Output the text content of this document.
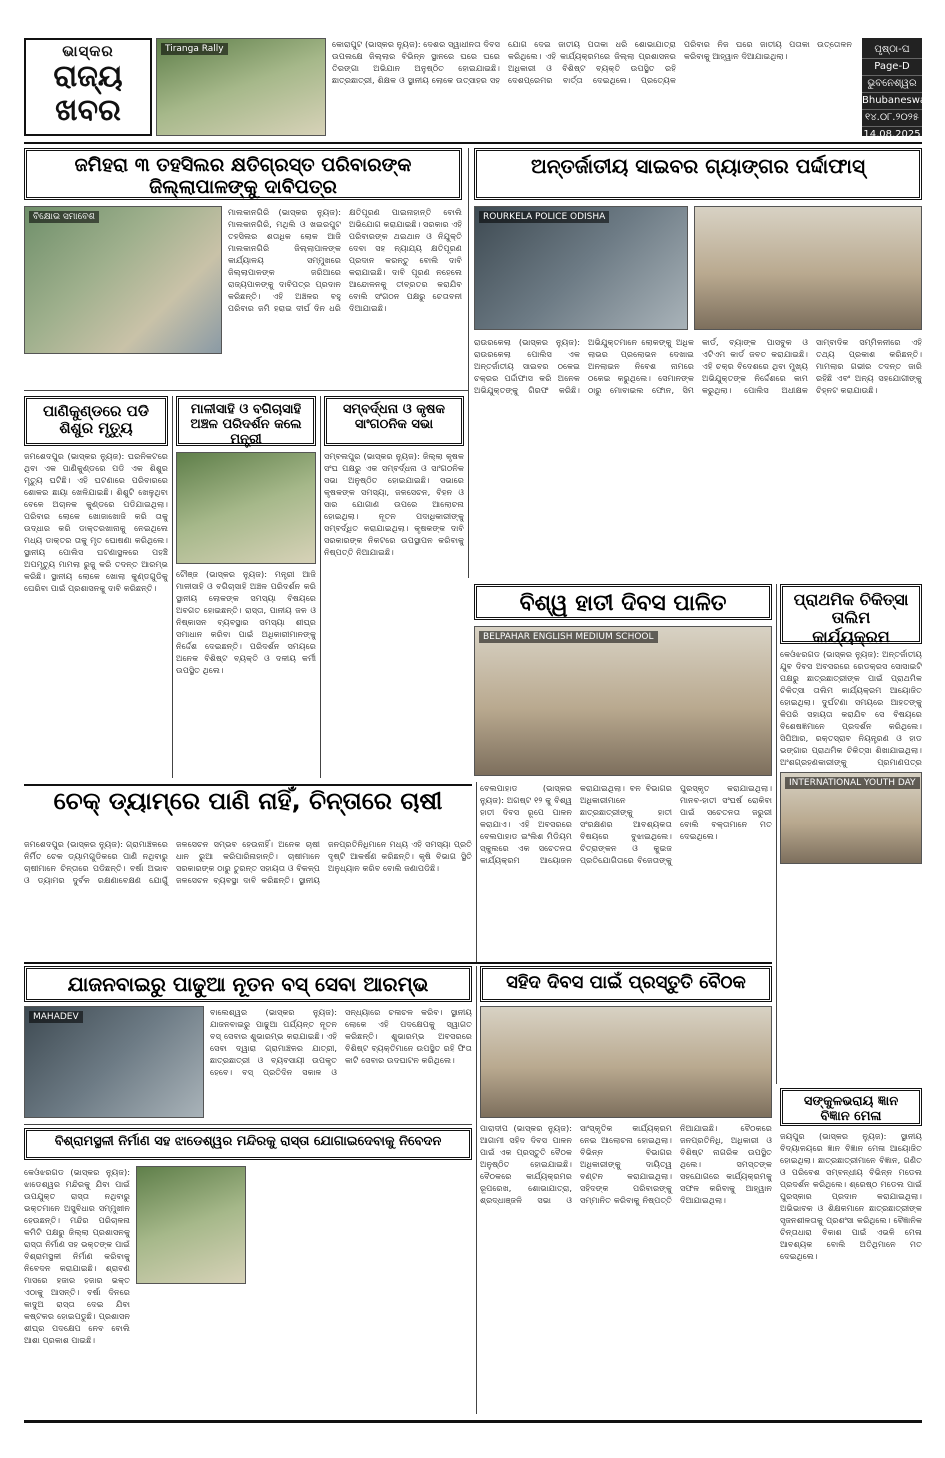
ଭାସ୍କର
ରାଜ୍ୟ
ଖବର
Tiranga Rally	କୋରାପୁଟ (ଭାସ୍କର ନ୍ୟୁଜ): ଦେଶର ସ୍ୱାଧୀନତା ଦିବସ ଉପଲକ୍ଷେ ଜିଲ୍ଲାର ବିଭିନ୍ନ ସ୍ଥାନରେ ଘରେ ଘରେ ତିରଙ୍ଗା ଅଭିଯାନ ଅନୁଷ୍ଠିତ ହୋଇଯାଇଛି। ଛାତ୍ରଛାତ୍ରୀ, ଶିକ୍ଷକ ଓ ସ୍ଥାନୀୟ ଲୋକେ ଉତ୍ସାହର ସହ ଯୋଗ ଦେଇ ଜାତୀୟ ପତାକା ଧରି ଶୋଭାଯାତ୍ରା କରିଥିଲେ। ଏହି କାର୍ଯ୍ୟକ୍ରମରେ ଜିଲ୍ଲା ପ୍ରଶାସନର ଅଧିକାରୀ ଓ ବିଶିଷ୍ଟ ବ୍ୟକ୍ତି ଉପସ୍ଥିତ ରହି ଦେଶପ୍ରେମର ବାର୍ତ୍ତା ଦେଇଥିଲେ। ପ୍ରତ୍ୟେକ ପରିବାର ନିଜ ଘରେ ଜାତୀୟ ପତାକା ଉତ୍ତୋଳନ କରିବାକୁ ଆହ୍ୱାନ ଦିଆଯାଇଥିଲା।
ପୃଷ୍ଠା-ଘ
Page-D
ଭୁବନେଶ୍ୱର
Bhubaneswar
୧୪.୦୮.୨୦୨୫
14.08.2025
ଜମିହରା ୩ ତହସିଲର କ୍ଷତିଗ୍ରସ୍ତ ପରିବାରଙ୍କ ଜିଲ୍ଲାପାଳଙ୍କୁ ଦାବିପତ୍ର
ବିକ୍ଷୋଭ ସମାବେଶ	ମାଲକାନଗିରି (ଭାସ୍କର ନ୍ୟୁଜ): ମାଲକାନଗିରି, ମଥିଲି ଓ ଖଇରପୁଟ ତହସିଲର ଶତାଧିକ ଲୋକ ଆଜି ମାଲକାନଗିରି ଜିଲ୍ଲାପାଳଙ୍କ କାର୍ଯ୍ୟାଳୟ ସମ୍ମୁଖରେ ଜିଲ୍ଲାପାଳଙ୍କ ଜରିଆରେ ରାଜ୍ୟପାଳଙ୍କୁ ଦାବିପତ୍ର ପ୍ରଦାନ କରିଛନ୍ତି। ଏହି ଅଞ୍ଚଳର ବହୁ ପରିବାର ଜମି ହରାଇ ଦୀର୍ଘ ଦିନ ଧରି କ୍ଷତିପୂରଣ ପାଇନାହାନ୍ତି ବୋଲି ଅଭିଯୋଗ କରାଯାଇଛି। ସରକାର ଏହି ପରିବାରଙ୍କ ଥଇଥାନ ଓ ନିଯୁକ୍ତି ଦେବା ସହ ନ୍ୟାଯ୍ୟ କ୍ଷତିପୂରଣ ପ୍ରଦାନ କରନ୍ତୁ ବୋଲି ଦାବି କରାଯାଇଛି। ଦାବି ପୂରଣ ନହେଲେ ଆନ୍ଦୋଳନକୁ ତୀବ୍ରତର କରାଯିବ ବୋଲି ସଂଗଠନ ପକ୍ଷରୁ ଚେତାବନୀ ଦିଆଯାଇଛି।
ଅନ୍ତର୍ଜାତୀୟ ସାଇବର ଗ୍ୟାଙ୍ଗର ପର୍ଦ୍ଦାଫାସ୍
ROURKELA POLICE ODISHA
ରାଉରକେଲା (ଭାସ୍କର ନ୍ୟୁଜ): ରାଉରକେଲା ପୋଲିସ ଏକ ଅନ୍ତର୍ଜାତୀୟ ସାଇବର ଠକେଇ ଚକ୍ରର ପର୍ଦ୍ଦାଫାସ କରି ଅନେକ ଅଭିଯୁକ୍ତଙ୍କୁ ଗିରଫ କରିଛି। ଅଭିଯୁକ୍ତମାନେ ଲୋକଙ୍କୁ ଅଧିକ ଲାଭର ପ୍ରଲୋଭନ ଦେଖାଇ ଅନଲାଇନ ନିବେଶ ନାମରେ ଠକେଇ କରୁଥିଲେ। ସେମାନଙ୍କ ଠାରୁ ମୋବାଇଲ ଫୋନ, ସିମ କାର୍ଡ, ବ୍ୟାଙ୍କ ପାସବୁକ ଓ ଏଟିଏମ କାର୍ଡ ଜବତ କରାଯାଇଛି। ଏହି ଚକ୍ର ବିଦେଶରେ ଥିବା ମୁଖ୍ୟ ଅଭିଯୁକ୍ତଙ୍କ ନିର୍ଦ୍ଦେଶରେ କାମ କରୁଥିଲା। ପୋଲିସ ଅଧୀକ୍ଷକ ସାମ୍ବାଦିକ ସମ୍ମିଳନୀରେ ଏହି ତଥ୍ୟ ପ୍ରକାଶ କରିଛନ୍ତି। ମାମଲାର ଗଭୀର ତଦନ୍ତ ଜାରି ରହିଛି ଏବଂ ଅନ୍ୟ ସହଯୋଗୀଙ୍କୁ ଚିହ୍ନଟ କରାଯାଉଛି।
ପାଣିକୁଣ୍ଡରେ ପଡି ଶିଶୁର ମୃତ୍ୟୁ
ଜମଶେଦପୁର (ଭାସ୍କର ନ୍ୟୁଜ): ଘରନିକଟରେ ଥିବା ଏକ ପାଣିକୁଣ୍ଡରେ ପଡି ଏକ ଶିଶୁର ମୃତ୍ୟୁ ଘଟିଛି। ଏହି ଘଟଣାରେ ପରିବାରରେ ଶୋକର ଛାୟା ଖେଳିଯାଇଛି। ଶିଶୁଟି ଖେଳୁଥିବା ବେଳେ ଅଚାନକ କୁଣ୍ଡରେ ପଡିଯାଇଥିଲା। ପରିବାର ଲୋକେ ଖୋଜାଖୋଜି କରି ତାକୁ ଉଦ୍ଧାର କରି ଡାକ୍ତରଖାନାକୁ ନେଇଥିଲେ ମଧ୍ୟ ଡାକ୍ତର ତାକୁ ମୃତ ଘୋଷଣା କରିଥିଲେ। ସ୍ଥାନୀୟ ପୋଲିସ ଘଟଣାସ୍ଥଳରେ ପହଞ୍ଚି ଅପମୃତ୍ୟୁ ମାମଲା ରୁଜୁ କରି ତଦନ୍ତ ଆରମ୍ଭ କରିଛି। ସ୍ଥାନୀୟ ଲୋକେ ଖୋଲା କୁଣ୍ଡଗୁଡିକୁ ଘେରିବା ପାଇଁ ପ୍ରଶାସନକୁ ଦାବି କରିଛନ୍ତି।
ମାଳୀସାହି ଓ ବଗିଚାସାହି ଅଞ୍ଚଳ ପରିଦର୍ଶନ କଲେ ମନ୍ତ୍ରୀ
ଟୌଞ୍ଜ (ଭାସ୍କର ନ୍ୟୁଜ): ମନ୍ତ୍ରୀ ଆଜି ମାଳୀସାହି ଓ ବଗିଚାସାହି ଅଞ୍ଚଳ ପରିଦର୍ଶନ କରି ସ୍ଥାନୀୟ ଲୋକଙ୍କ ସମସ୍ୟା ବିଷୟରେ ଅବଗତ ହୋଇଛନ୍ତି। ରାସ୍ତା, ପାନୀୟ ଜଳ ଓ ନିଷ୍କାସନ ବ୍ୟବସ୍ଥାର ସମସ୍ୟା ଶୀଘ୍ର ସମାଧାନ କରିବା ପାଇଁ ଅଧିକାରୀମାନଙ୍କୁ ନିର୍ଦ୍ଦେଶ ଦେଇଛନ୍ତି। ପରିଦର୍ଶନ ସମୟରେ ଅନେକ ବିଶିଷ୍ଟ ବ୍ୟକ୍ତି ଓ ଦଳୀୟ କର୍ମୀ ଉପସ୍ଥିତ ଥିଲେ।
ସମ୍ବର୍ଦ୍ଧନା ଓ କୃଷକ ସାଂଗଠନିକ ସଭା
ସମ୍ବଲପୁର (ଭାସ୍କର ନ୍ୟୁଜ): ଜିଲ୍ଲା କୃଷକ ସଂଘ ପକ୍ଷରୁ ଏକ ସମ୍ବର୍ଦ୍ଧନା ଓ ସାଂଗଠନିକ ସଭା ଅନୁଷ୍ଠିତ ହୋଇଯାଇଛି। ସଭାରେ କୃଷକଙ୍କ ସମସ୍ୟା, ଜଳସେଚନ, ବିହନ ଓ ସାର ଯୋଗାଣ ଉପରେ ଆଲୋଚନା ହୋଇଥିଲା। ନୂତନ ପଦାଧିକାରୀଙ୍କୁ ସମ୍ବର୍ଦ୍ଧିତ କରାଯାଇଥିଲା। କୃଷକଙ୍କ ଦାବି ସରକାରଙ୍କ ନିକଟରେ ଉପସ୍ଥାପନ କରିବାକୁ ନିଷ୍ପତ୍ତି ନିଆଯାଇଛି।
ବିଶ୍ୱ ହାତୀ ଦିବସ ପାଳିତ
BELPAHAR ENGLISH MEDIUM SCHOOL
ପ୍ରାଥମିକ ଚିକିତ୍ସା ତାଲିମ କାର୍ଯ୍ୟକ୍ରମ
କେଓଁଝରଗଡ (ଭାସ୍କର ନ୍ୟୁଜ): ଅନ୍ତର୍ଜାତୀୟ ଯୁବ ଦିବସ ଅବସରରେ ରେଡକ୍ରସ ସୋସାଇଟି ପକ୍ଷରୁ ଛାତ୍ରଛାତ୍ରୀଙ୍କ ପାଇଁ ପ୍ରାଥମିକ ଚିକିତ୍ସା ତାଲିମ କାର୍ଯ୍ୟକ୍ରମ ଆୟୋଜିତ ହୋଇଥିଲା। ଦୁର୍ଘଟଣା ସମୟରେ ଆହତଙ୍କୁ କିପରି ସହାୟତା କରାଯିବ ସେ ବିଷୟରେ ବିଶେଷଜ୍ଞମାନେ ପ୍ରଦର୍ଶନ କରିଥିଲେ। ସିପିଆର, ରକ୍ତସ୍ରାବ ନିୟନ୍ତ୍ରଣ ଓ ହାଡ ଭଙ୍ଗାର ପ୍ରାଥମିକ ଚିକିତ୍ସା ଶିଖାଯାଇଥିଲା। ଅଂଶଗ୍ରହଣକାରୀଙ୍କୁ ପ୍ରମାଣପତ୍ର
INTERNATIONAL YOUTH DAY
ଚେକ୍ ଡ୍ୟାମ୍‌ରେ ପାଣି ନାହିଁ, ଚିନ୍ତାରେ ଚାଷୀ
ଜମଶେଦପୁର (ଭାସ୍କର ନ୍ୟୁଜ): ଗ୍ରାମାଞ୍ଚଳରେ ନିର୍ମିତ ଚେକ ଡ୍ୟାମଗୁଡିକରେ ପାଣି ନଥିବାରୁ ଚାଷୀମାନେ ଚିନ୍ତାରେ ପଡିଛନ୍ତି। ବର୍ଷା ଅଭାବ ଓ ଡ୍ୟାମର ଦୁର୍ବଳ ରକ୍ଷଣାବେକ୍ଷଣ ଯୋଗୁଁ ଜଳସେଚନ ସମ୍ଭବ ହେଉନାହିଁ। ଅନେକ ଚାଷୀ ଧାନ ରୁଆ କରିପାରିନାହାନ୍ତି। ଚାଷୀମାନେ ସରକାରଙ୍କ ଠାରୁ ତୁରନ୍ତ ସହାୟତା ଓ ବିକଳ୍ପ ଜଳସେଚନ ବ୍ୟବସ୍ଥା ଦାବି କରିଛନ୍ତି। ସ୍ଥାନୀୟ ଜନପ୍ରତିନିଧିମାନେ ମଧ୍ୟ ଏହି ସମସ୍ୟା ପ୍ରତି ଦୃଷ୍ଟି ଆକର୍ଷଣ କରିଛନ୍ତି। କୃଷି ବିଭାଗ ସ୍ଥିତି ଅନୁଧ୍ୟାନ କରିବ ବୋଲି ଜଣାପଡିଛି।
ବେଲପାହାଡ (ଭାସ୍କର ନ୍ୟୁଜ): ଅଗଷ୍ଟ ୧୨ କୁ ବିଶ୍ୱ ହାତୀ ଦିବସ ରୂପେ ପାଳନ କରାଯାଏ। ଏହି ଅବସରରେ ବେଲପାହାଡ ଇଂଲିଶ ମିଡିୟମ ସ୍କୁଲରେ ଏକ ସଚେତନତା କାର୍ଯ୍ୟକ୍ରମ ଆୟୋଜନ କରାଯାଇଥିଲା। ବନ ବିଭାଗର ଅଧିକାରୀମାନେ ଛାତ୍ରଛାତ୍ରୀଙ୍କୁ ହାତୀ ସଂରକ୍ଷଣର ଆବଶ୍ୟକତା ବିଷୟରେ ବୁଝାଇଥିଲେ। ଚିତ୍ରାଙ୍କନ ଓ କୁଇଜ ପ୍ରତିଯୋଗିତାରେ ବିଜେତାଙ୍କୁ ପୁରସ୍କୃତ କରାଯାଇଥିଲା। ମାନବ-ହାତୀ ସଂଘର୍ଷ ରୋକିବା ପାଇଁ ସଚେତନତା ଜରୁରୀ ବୋଲି ବକ୍ତାମାନେ ମତ ଦେଇଥିଲେ।
ଯାଜନବାଇରୁ ପାଢୁଆ ନୂତନ ବସ୍ ସେବା ଆରମ୍ଭ
MAHADEV	ବାଲେଶ୍ୱର (ଭାସ୍କର ନ୍ୟୁଜ): ଯାଜନବାଇରୁ ପାଢୁଆ ପର୍ଯ୍ୟନ୍ତ ନୂତନ ବସ୍ ସେବାର ଶୁଭାରମ୍ଭ କରାଯାଇଛି। ଏହି ସେବା ଦ୍ୱାରା ଗ୍ରାମାଞ୍ଚଳର ଯାତ୍ରୀ, ଛାତ୍ରଛାତ୍ରୀ ଓ ବ୍ୟବସାୟୀ ଉପକୃତ ହେବେ। ବସ୍ ପ୍ରତିଦିନ ସକାଳ ଓ ସନ୍ଧ୍ୟାରେ ଚଳାଚଳ କରିବ। ସ୍ଥାନୀୟ ଲୋକେ ଏହି ପଦକ୍ଷେପକୁ ସ୍ୱାଗତ କରିଛନ୍ତି। ଶୁଭାରମ୍ଭ ଅବସରରେ ବିଶିଷ୍ଟ ବ୍ୟକ୍ତିମାନେ ଉପସ୍ଥିତ ରହି ଫିତା କାଟି ସେବାର ଉଦଘାଟନ କରିଥିଲେ।
ସହିଦ ଦିବସ ପାଇଁ ପ୍ରସ୍ତୁତି ବୈଠକ
ପାରାଦୀପ (ଭାସ୍କର ନ୍ୟୁଜ): ଆଗାମୀ ସହିଦ ଦିବସ ପାଳନ ପାଇଁ ଏକ ପ୍ରସ୍ତୁତି ବୈଠକ ଅନୁଷ୍ଠିତ ହୋଇଯାଇଛି। ବୈଠକରେ କାର୍ଯ୍ୟକ୍ରମର ରୂପରେଖ, ଶୋଭାଯାତ୍ରା, ଶ୍ରଦ୍ଧାଞ୍ଜଳି ସଭା ଓ ସାଂସ୍କୃତିକ କାର୍ଯ୍ୟକ୍ରମ ନେଇ ଆଲୋଚନା ହୋଇଥିଲା। ବିଭିନ୍ନ ବିଭାଗର ଅଧିକାରୀଙ୍କୁ ଦାୟିତ୍ୱ ବଣ୍ଟନ କରାଯାଇଥିଲା। ସହିଦଙ୍କ ପରିବାରଙ୍କୁ ସମ୍ମାନିତ କରିବାକୁ ନିଷ୍ପତ୍ତି ନିଆଯାଇଛି। ବୈଠକରେ ଜନପ୍ରତିନିଧି, ଅଧିକାରୀ ଓ ବିଶିଷ୍ଟ ନାଗରିକ ଉପସ୍ଥିତ ଥିଲେ। ସମସ୍ତଙ୍କ ସହଯୋଗରେ କାର୍ଯ୍ୟକ୍ରମକୁ ସଫଳ କରିବାକୁ ଆହ୍ୱାନ ଦିଆଯାଇଥିଲା।
ସଙ୍କୁଳଭରାୟ ଜ୍ଞାନ ବିଜ୍ଞାନ ମେଳା
ଜୟପୁର (ଭାସ୍କର ନ୍ୟୁଜ): ସ୍ଥାନୀୟ ବିଦ୍ୟାଳୟରେ ଜ୍ଞାନ ବିଜ୍ଞାନ ମେଳା ଆୟୋଜିତ ହୋଇଥିଲା। ଛାତ୍ରଛାତ୍ରୀମାନେ ବିଜ୍ଞାନ, ଗଣିତ ଓ ପରିବେଶ ସମ୍ବନ୍ଧୀୟ ବିଭିନ୍ନ ମଡେଲ ପ୍ରଦର୍ଶନ କରିଥିଲେ। ଶ୍ରେଷ୍ଠ ମଡେଲ ପାଇଁ ପୁରସ୍କାର ପ୍ରଦାନ କରାଯାଇଥିଲା। ଅଭିଭାବକ ଓ ଶିକ୍ଷକମାନେ ଛାତ୍ରଛାତ୍ରୀଙ୍କ ସୃଜନଶୀଳତାକୁ ପ୍ରଶଂସା କରିଥିଲେ। ବୈଜ୍ଞାନିକ ଚିନ୍ତାଧାରା ବିକାଶ ପାଇଁ ଏଭଳି ମେଳା ଆବଶ୍ୟକ ବୋଲି ଅତିଥିମାନେ ମତ ଦେଇଥିଲେ।
ବିଶ୍ରାମସ୍ଥଳୀ ନିର୍ମାଣ ସହ ଝାଡେଶ୍ୱର ମନ୍ଦିରକୁ ରାସ୍ତା ଯୋଗାଇଦେବାକୁ ନିବେଦନ
କେଓଁଝରଗଡ (ଭାସ୍କର ନ୍ୟୁଜ): ଝାଡେଶ୍ୱର ମନ୍ଦିରକୁ ଯିବା ପାଇଁ ଉପଯୁକ୍ତ ରାସ୍ତା ନଥିବାରୁ ଭକ୍ତମାନେ ଅସୁବିଧାର ସମ୍ମୁଖୀନ ହେଉଛନ୍ତି। ମନ୍ଦିର ପରିଚାଳନା କମିଟି ପକ୍ଷରୁ ଜିଲ୍ଲା ପ୍ରଶାସନକୁ ରାସ୍ତା ନିର୍ମାଣ ସହ ଭକ୍ତଙ୍କ ପାଇଁ ବିଶ୍ରାମସ୍ଥଳୀ ନିର୍ମାଣ କରିବାକୁ ନିବେଦନ କରାଯାଇଛି। ଶ୍ରାବଣ ମାସରେ ହଜାର ହଜାର ଭକ୍ତ ଏଠାକୁ ଆସନ୍ତି। ବର୍ଷା ଦିନରେ କାଦୁଅ ରାସ୍ତା ଦେଇ ଯିବା କଷ୍ଟକର ହୋଇପଡୁଛି। ପ୍ରଶାସନ ଶୀଘ୍ର ପଦକ୍ଷେପ ନେବ ବୋଲି ଆଶା ପ୍ରକାଶ ପାଇଛି।
